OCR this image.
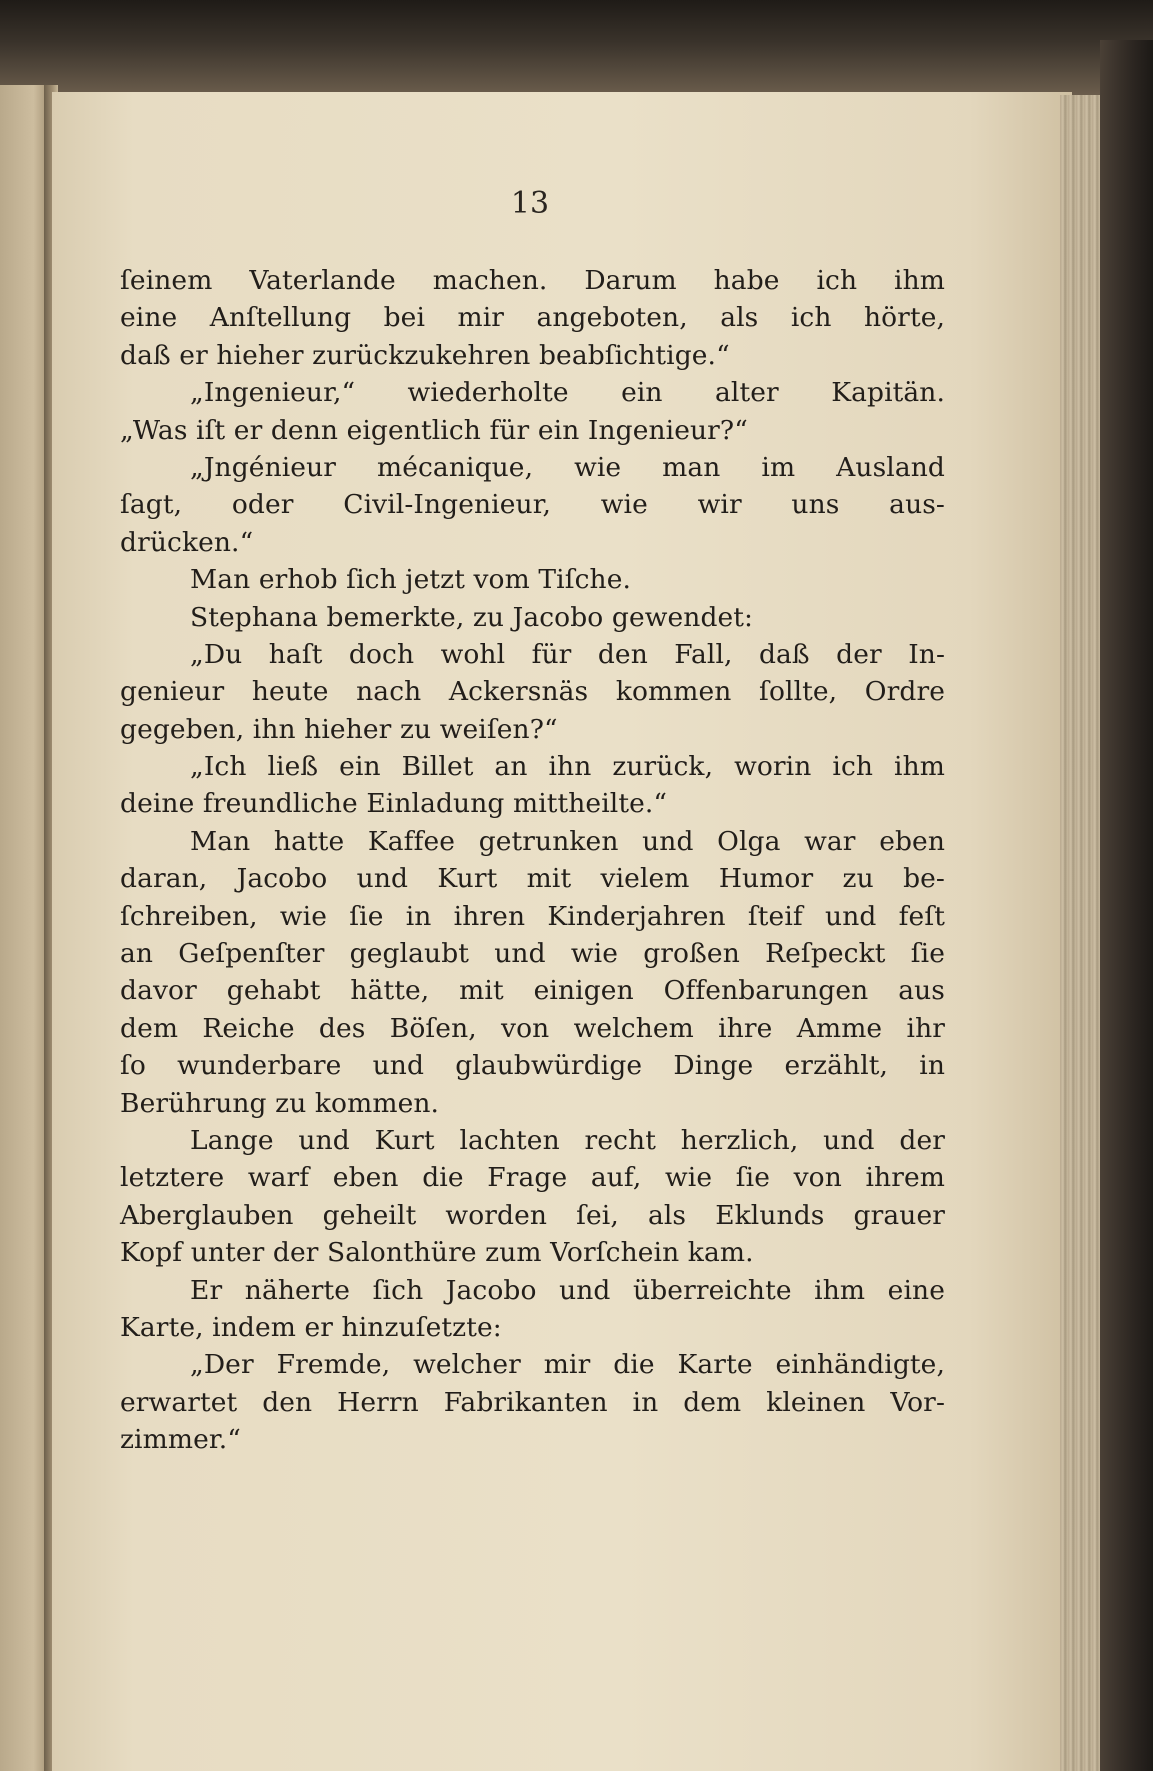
13
ſeinem Vaterlande machen. Darum habe ich ihm
eine Anſtellung bei mir angeboten, als ich hörte,
daß er hieher zurückzukehren beabſichtige.“
„Ingenieur,“ wiederholte ein alter Kapitän.
„Was iſt er denn eigentlich für ein Ingenieur?“
„Jngénieur mécanique, wie man im Ausland
ſagt, oder Civil-Ingenieur, wie wir uns aus-
drücken.“
Man erhob ſich jetzt vom Tiſche.
Stephana bemerkte, zu Jacobo gewendet:
„Du haſt doch wohl für den Fall, daß der In-
genieur heute nach Ackersnäs kommen ſollte, Ordre
gegeben, ihn hieher zu weiſen?“
„Ich ließ ein Billet an ihn zurück, worin ich ihm
deine freundliche Einladung mittheilte.“
Man hatte Kaffee getrunken und Olga war eben
daran, Jacobo und Kurt mit vielem Humor zu be-
ſchreiben, wie ſie in ihren Kinderjahren ſteif und feſt
an Geſpenſter geglaubt und wie großen Reſpeckt ſie
davor gehabt hätte, mit einigen Offenbarungen aus
dem Reiche des Böſen, von welchem ihre Amme ihr
ſo wunderbare und glaubwürdige Dinge erzählt, in
Berührung zu kommen.
Lange und Kurt lachten recht herzlich, und der
letztere warf eben die Frage auf, wie ſie von ihrem
Aberglauben geheilt worden ſei, als Eklunds grauer
Kopf unter der Salonthüre zum Vorſchein kam.
Er näherte ſich Jacobo und überreichte ihm eine
Karte, indem er hinzuſetzte:
„Der Fremde, welcher mir die Karte einhändigte,
erwartet den Herrn Fabrikanten in dem kleinen Vor-
zimmer.“
